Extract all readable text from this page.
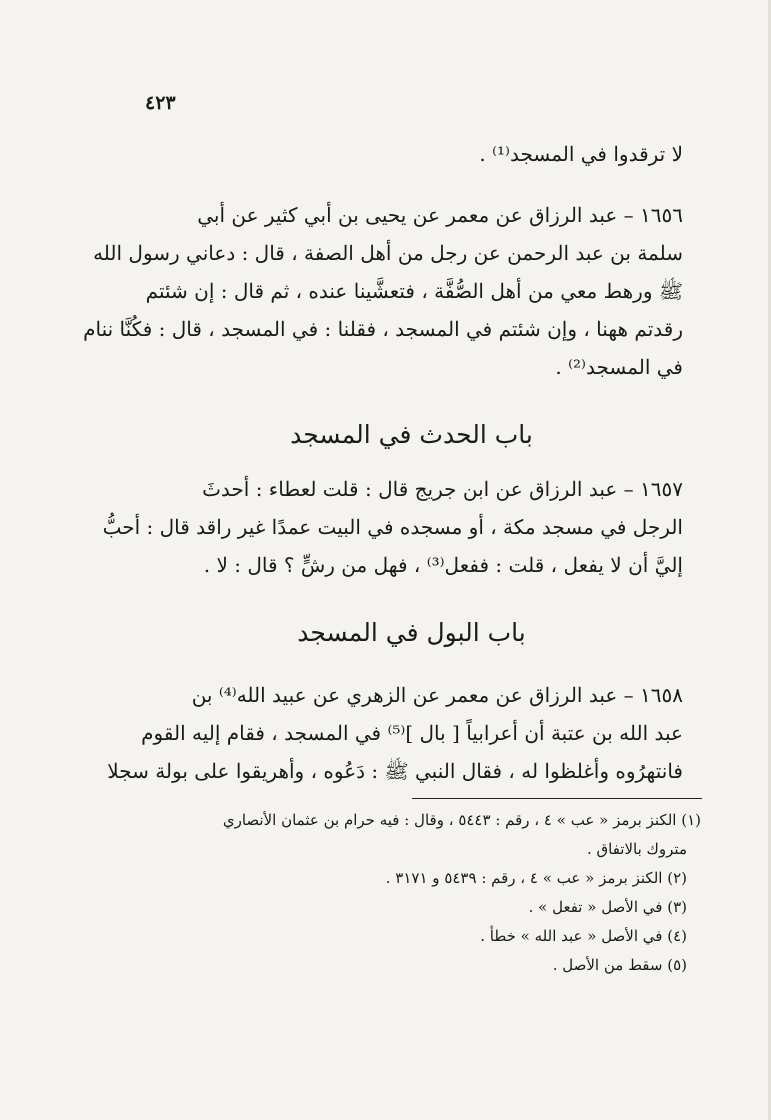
٤٢٣
لا ترقدوا في المسجد⁽¹⁾ .
١٦٥٦ – عبد الرزاق عن معمر عن يحيى بن أبي كثير عن أبي
سلمة بن عبد الرحمن عن رجل من أهل الصفة ، قال : دعاني رسول الله
ﷺ ورهط معي من أهل الصُّفَّة ، فتعشَّينا عنده ، ثم قال : إن شئتم
رقدتم ههنا ، وإن شئتم في المسجد ، فقلنا : في المسجد ، قال : فكُنَّا ننام
في المسجد⁽²⁾ .
باب الحدث في المسجد
١٦٥٧ – عبد الرزاق عن ابن جريج قال : قلت لعطاء : أحدثَ
الرجل في مسجد مكة ، أو مسجده في البيت عمدًا غير راقد قال : أحبُّ
إليَّ أن لا يفعل ، قلت : ففعل⁽³⁾ ، فهل من رشٍّ ؟ قال : لا .
باب البول في المسجد
١٦٥٨ – عبد الرزاق عن معمر عن الزهري عن عبيد الله⁽⁴⁾ بن
عبد الله بن عتبة أن أعرابياً [ بال ]⁽⁵⁾ في المسجد ، فقام إليه القوم
فانتهرُوه وأغلظوا له ، فقال النبي ﷺ : دَعُوه ، وأهريقوا على بولة سجلا
(١) الكنز برمز « عب » ٤ ، رقم : ٥٤٤٣ ، وقال : فيه حرام بن عثمان الأنصاري
متروك بالاتفاق .
(٢) الكنز برمز « عب » ٤ ، رقم : ٥٤٣٩ و ٣١٧١ .
(٣) في الأصل « تفعل » .
(٤) في الأصل « عبد الله » خطأ .
(٥) سقط من الأصل .
